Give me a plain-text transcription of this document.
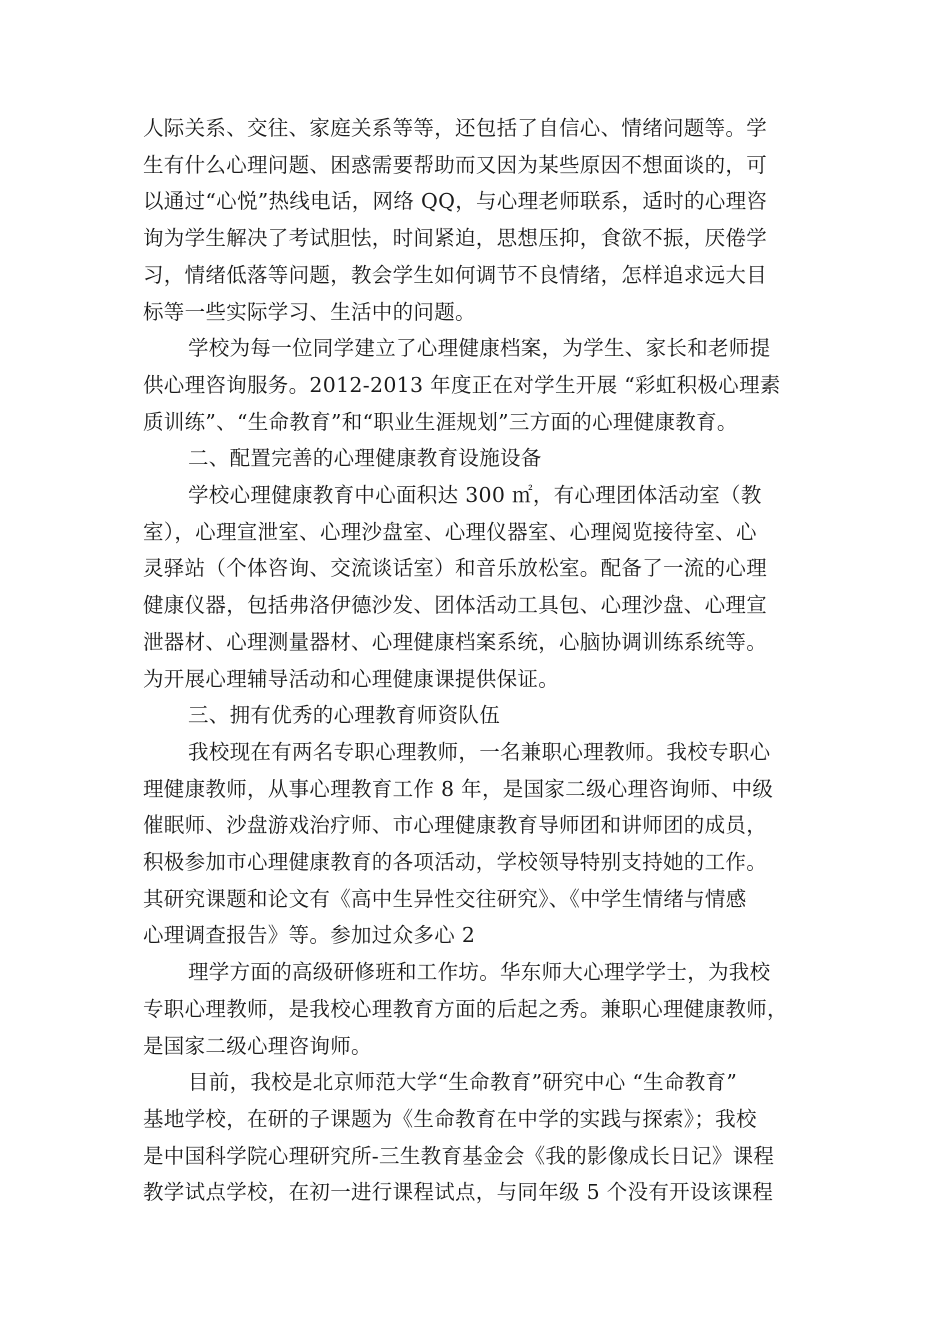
人际关系、交往、家庭关系等等，还包括了自信心、情绪问题等。学

生有什么心理问题、困惑需要帮助而又因为某些原因不想面谈的，可

以通过“心悦”热线电话，网络 QQ，与心理老师联系，适时的心理咨

询为学生解决了考试胆怯，时间紧迫，思想压抑，食欲不振，厌倦学

习，情绪低落等问题，教会学生如何调节不良情绪，怎样追求远大目

标等一些实际学习、生活中的问题。

学校为每一位同学建立了心理健康档案，为学生、家长和老师提

供心理咨询服务。2012-2013 年度正在对学生开展 “彩虹积极心理素

质训练”、“生命教育”和“职业生涯规划”三方面的心理健康教育。

二、配置完善的心理健康教育设施设备

学校心理健康教育中心面积达 300 ㎡，有心理团体活动室（教

室），心理宣泄室、心理沙盘室、心理仪器室、心理阅览接待室、心

灵驿站（个体咨询、交流谈话室）和音乐放松室。配备了一流的心理

健康仪器，包括弗洛伊德沙发、团体活动工具包、心理沙盘、心理宣

泄器材、心理测量器材、心理健康档案系统，心脑协调训练系统等。

为开展心理辅导活动和心理健康课提供保证。

三、拥有优秀的心理教育师资队伍

我校现在有两名专职心理教师，一名兼职心理教师。我校专职心

理健康教师，从事心理教育工作 8 年，是国家二级心理咨询师、中级

催眠师、沙盘游戏治疗师、市心理健康教育导师团和讲师团的成员，

积极参加市心理健康教育的各项活动，学校领导特别支持她的工作。

其研究课题和论文有《高中生异性交往研究》、《中学生情绪与情感

心理调查报告》等。参加过众多心 2

理学方面的高级研修班和工作坊。华东师大心理学学士，为我校

专职心理教师，是我校心理教育方面的后起之秀。兼职心理健康教师，

是国家二级心理咨询师。

目前，我校是北京师范大学“生命教育”研究中心 “生命教育”

基地学校，在研的子课题为《生命教育在中学的实践与探索》；我校

是中国科学院心理研究所-三生教育基金会《我的影像成长日记》课程

教学试点学校，在初一进行课程试点，与同年级 5 个没有开设该课程
